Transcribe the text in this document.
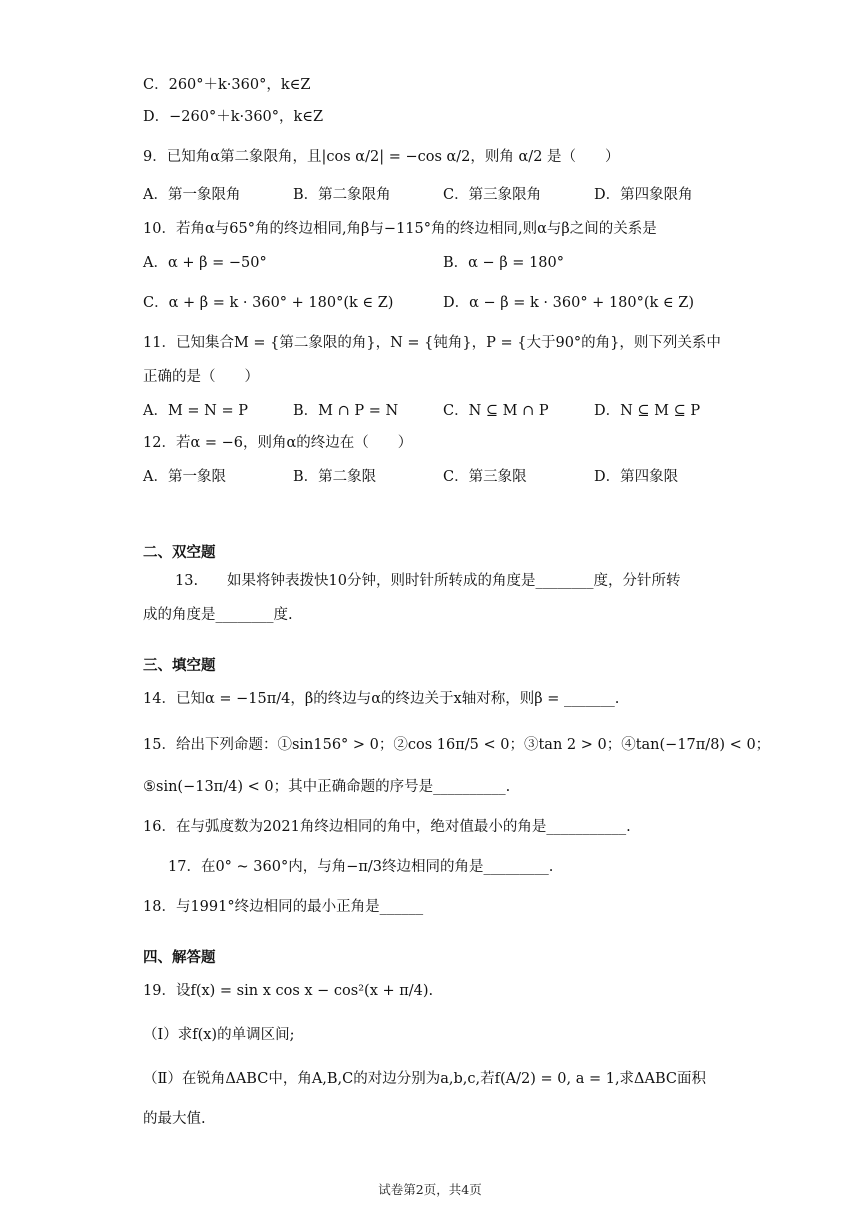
C．260°＋k·360°，k∈Z
D．−260°＋k·360°，k∈Z
9．已知角α第二象限角，且|cos α/2| = −cos α/2，则角 α/2 是（　　）
A．第一象限角	B．第二象限角	C．第三象限角	D．第四象限角
10．若角α与65°角的终边相同,角β与−115°角的终边相同,则α与β之间的关系是
A．α + β = −50°	B．α − β = 180°
C．α + β = k · 360° + 180°(k ∈ Z)	D．α − β = k · 360° + 180°(k ∈ Z)
11．已知集合M = {第二象限的角}，N = {钝角}，P = {大于90°的角}，则下列关系中
正确的是（　　）
A．M = N = P	B．M ∩ P = N	C．N ⊆ M ∩ P	D．N ⊆ M ⊆ P
12．若α = −6，则角α的终边在（　　）
A．第一象限	B．第二象限	C．第三象限	D．第四象限
二、双空题
13.　　如果将钟表拨快10分钟，则时针所转成的角度是________度，分针所转
成的角度是________度.
三、填空题
14．已知α = −15π/4，β的终边与α的终边关于x轴对称，则β = _______.
15．给出下列命题：①sin156° > 0；②cos 16π/5 < 0；③tan 2 > 0；④tan(−17π/8) < 0；
⑤sin(−13π/4) < 0；其中正确命题的序号是__________.
16．在与弧度数为2021角终边相同的角中，绝对值最小的角是___________.
17．在0° ~ 360°内，与角−π/3终边相同的角是_________.
18．与1991°终边相同的最小正角是______
四、解答题
19．设f(x) = sin x cos x − cos²(x + π/4).
（Ⅰ）求f(x)的单调区间;
（Ⅱ）在锐角ΔABC中，角A,B,C的对边分别为a,b,c,若f(A/2) = 0, a = 1,求ΔABC面积
的最大值.
试卷第2页，共4页
